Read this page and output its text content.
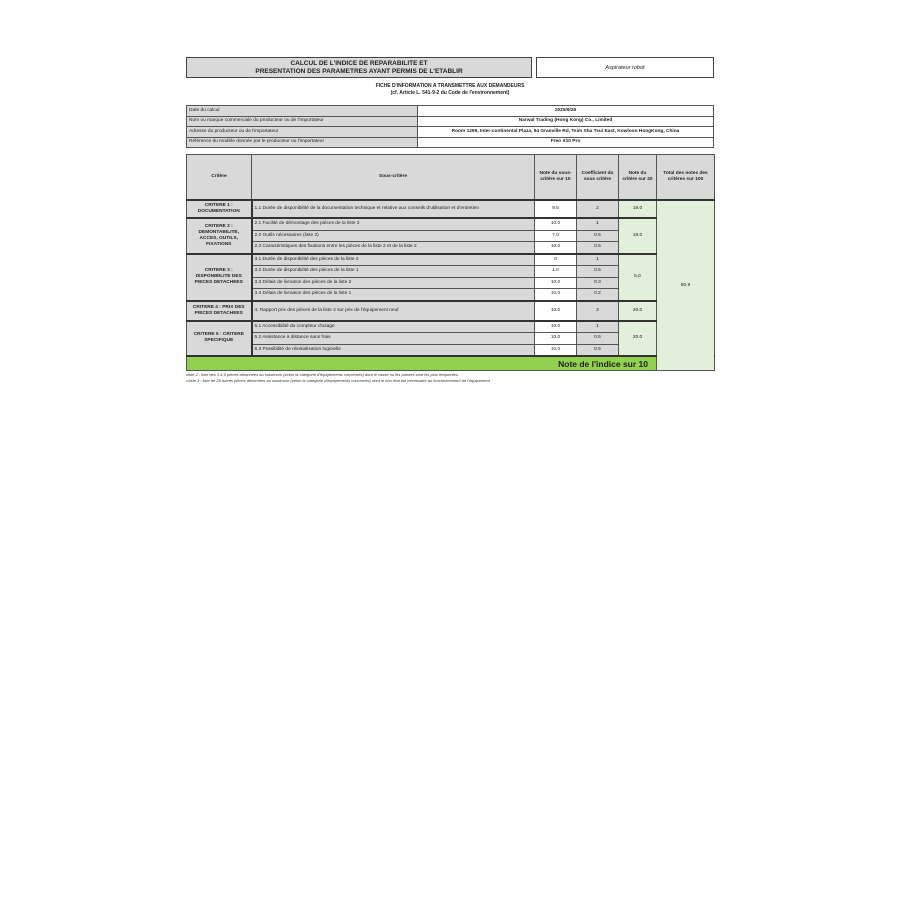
CALCUL DE L'INDICE DE REPARABILITE ET
PRESENTATION DES PARAMETRES AYANT PERMIS DE L'ETABLIR
Aspirateur robot
FICHE D'INFORMATION A TRANSMETTRE AUX DEMANDEURS
(cf. Article L. 541-9-2 du Code de l'environnement)
Date du calcul	2025/9/25
Nom ou marque commerciale du producteur ou de l'importateur	Narwal Trading (Hong Kong) Co., Limited
Adresse du producteur ou de l'importateur	Room 1299, Inter-continental Plaza, 94 Granville Rd, Tsim Sha Tsui East, Kowloon HongKong, China
Référence du modèle donnée par le producteur ou l'importateur	Freo X10 Pro
Critère	Sous-critère	Note du sous-critère sur 10	Coefficient du sous critère	Note du critère sur 20	Total des notes des critères sur 100	
CRITERE 1 : DOCUMENTATION	1.1 Durée de disponibilité de la documentation technique et relative aux conseils d'utilisation et d'entretien	9.5	2	19.0	80.9	
CRITERE 2 : DEMONTABILITE, ACCES, OUTILS, FIXATIONS	2.1 Facilité de démontage des pièces de la liste 2	10.0	1	18.0		
	2.2 Outils nécessaires (liste 2)	7.0	0.5			
	2.3 Caractéristiques des fixations entre les pièces de la liste 2 et de la liste 2	10.0	0.5			
CRITERE 3 : DISPONIBILITE DES PIECES DETACHEES	3.1 Durée de disponibilité des pièces de la liste 2	0	1	5.0		
	3.2 Durée de disponibilité des pièces de la liste 1	1.0	0.5			
	3.3 Délais de livraison des pièces de la liste 2	10.0	0.3			
	3.4 Délais de livraison des pièces de la liste 1	10.0	0.2			
CRITERE 4 : PRIX DES PIECES DETACHEES	4. Rapport prix des pièces de la liste 2 sur prix de l'équipement neuf	10.0	2	20.0		
CRITERE 5 : CRITERE SPECIFIQUE	5.1 Accessibilité du compteur d'usage	10.0	1	20.0		
	5.2 Assistance à distance sans frais	10.0	0.5			
	5.3 Possibilité de réinitialisation logicielle	10.0	0.5			
Note de l'indice sur 10	
•liste 2 : liste des 3 à 5 pièces détachées au maximum (selon la catégorie d'équipements concernés) dont le casse ou les pannes sont les plus fréquentes.
••liste 1 : liste de 20 autres pièces détachées au maximum (selon la catégorie d'équipements concernés) dont le bon état est nécessaire au fonctionnement de l'équipement
